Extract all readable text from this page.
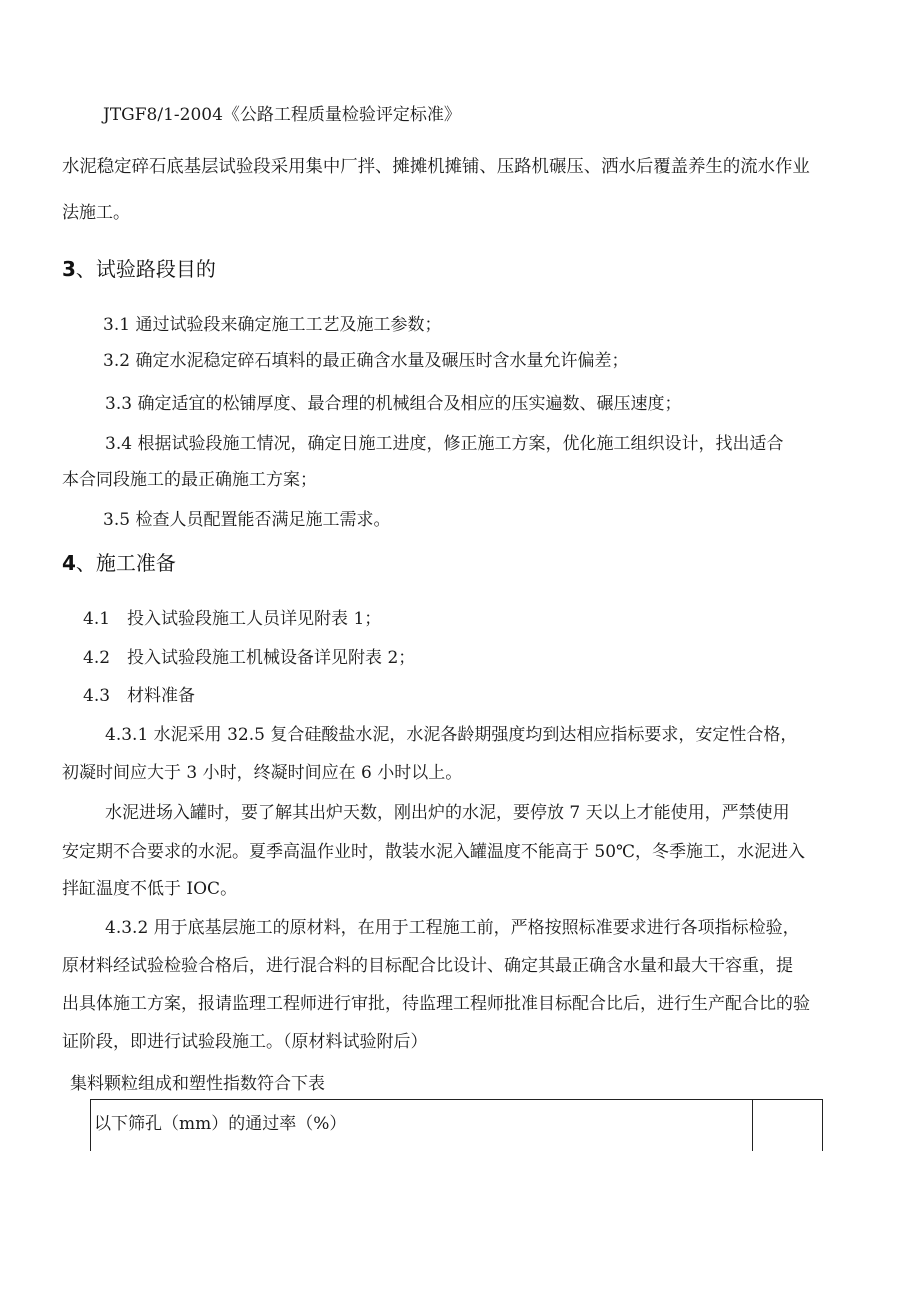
JTGF8/1-2004《公路工程质量检验评定标准》
水泥稳定碎石底基层试验段采用集中厂拌、摊摊机摊铺、压路机碾压、洒水后覆盖养生的流水作业
法施工。
3、试验路段目的
3.1 通过试验段来确定施工工艺及施工参数；
3.2 确定水泥稳定碎石填料的最正确含水量及碾压时含水量允许偏差；
3.3 确定适宜的松铺厚度、最合理的机械组合及相应的压实遍数、碾压速度；
3.4 根据试验段施工情况，确定日施工进度，修正施工方案，优化施工组织设计，找出适合
本合同段施工的最正确施工方案；
3.5 检查人员配置能否满足施工需求。
4、施工准备
4.1　投入试验段施工人员详见附表 1；
4.2　投入试验段施工机械设备详见附表 2；
4.3　材料准备
4.3.1 水泥采用 32.5 复合硅酸盐水泥，水泥各龄期强度均到达相应指标要求，安定性合格，
初凝时间应大于 3 小时，终凝时间应在 6 小时以上。
水泥进场入罐时，要了解其出炉天数，刚出炉的水泥，要停放 7 天以上才能使用，严禁使用
安定期不合要求的水泥。夏季高温作业时，散装水泥入罐温度不能高于 50℃，冬季施工，水泥进入
拌缸温度不低于 IOC。
4.3.2 用于底基层施工的原材料，在用于工程施工前，严格按照标准要求进行各项指标检验，
原材料经试验检验合格后，进行混合料的目标配合比设计、确定其最正确含水量和最大干容重，提
出具体施工方案，报请监理工程师进行审批，待监理工程师批准目标配合比后，进行生产配合比的验
证阶段，即进行试验段施工。（原材料试验附后）
集料颗粒组成和塑性指数符合下表
以下筛孔（mm）的通过率（%）
